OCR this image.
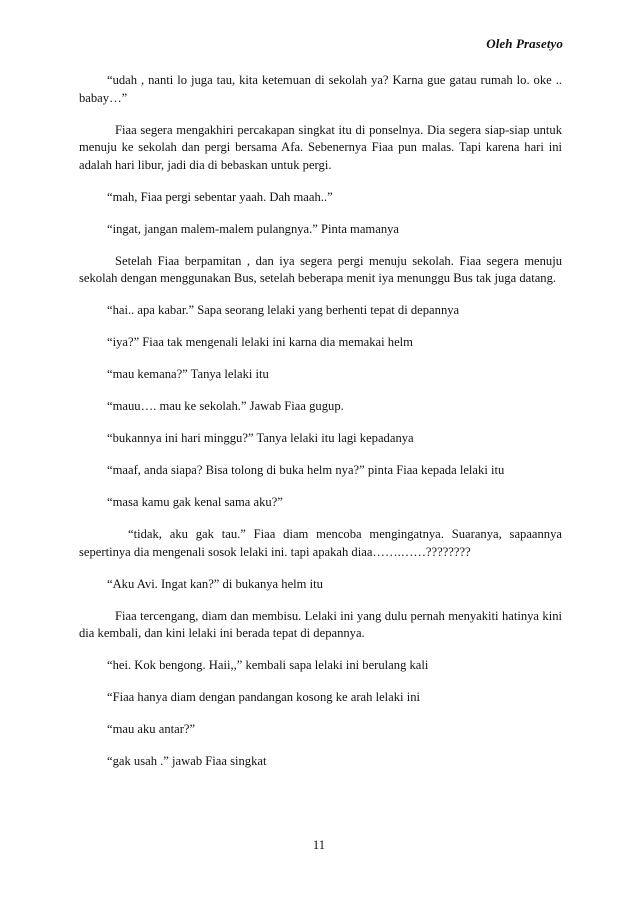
Oleh Prasetyo

“udah , nanti lo juga tau, kita ketemuan di sekolah ya? Karna gue gatau rumah lo. oke .. babay…”

Fiaa segera mengakhiri percakapan singkat itu di ponselnya. Dia segera siap-siap untuk menuju ke sekolah dan pergi bersama Afa. Sebenernya Fiaa pun malas. Tapi karena hari ini adalah hari libur, jadi dia di bebaskan untuk pergi.

“mah, Fiaa pergi sebentar yaah. Dah maah..”

“ingat, jangan malem-malem pulangnya.” Pinta mamanya

Setelah Fiaa berpamitan , dan iya segera pergi menuju sekolah. Fiaa segera menuju sekolah dengan menggunakan Bus, setelah beberapa menit iya menunggu Bus tak juga datang.

“hai.. apa kabar.” Sapa seorang lelaki yang berhenti tepat di depannya

“iya?” Fiaa tak mengenali lelaki ini karna dia memakai helm

“mau kemana?” Tanya lelaki itu

“mauu…. mau ke sekolah.” Jawab Fiaa gugup.

“bukannya ini hari minggu?” Tanya lelaki itu lagi kepadanya

“maaf, anda siapa? Bisa tolong di buka helm nya?” pinta Fiaa kepada lelaki itu

“masa kamu gak kenal sama aku?”

“tidak, aku gak tau.” Fiaa diam mencoba mengingatnya. Suaranya, sapaannya sepertinya dia mengenali sosok lelaki ini. tapi apakah diaa…….……????????

“Aku Avi. Ingat kan?” di bukanya helm itu

Fiaa tercengang, diam dan membisu. Lelaki ini yang dulu pernah menyakiti hatinya kini dia kembali, dan kini lelaki ini berada tepat di depannya.

“hei. Kok bengong. Haii,,” kembali sapa lelaki ini berulang kali

“Fiaa hanya diam dengan pandangan kosong ke arah lelaki ini

“mau aku antar?”

“gak usah .” jawab Fiaa singkat

11
